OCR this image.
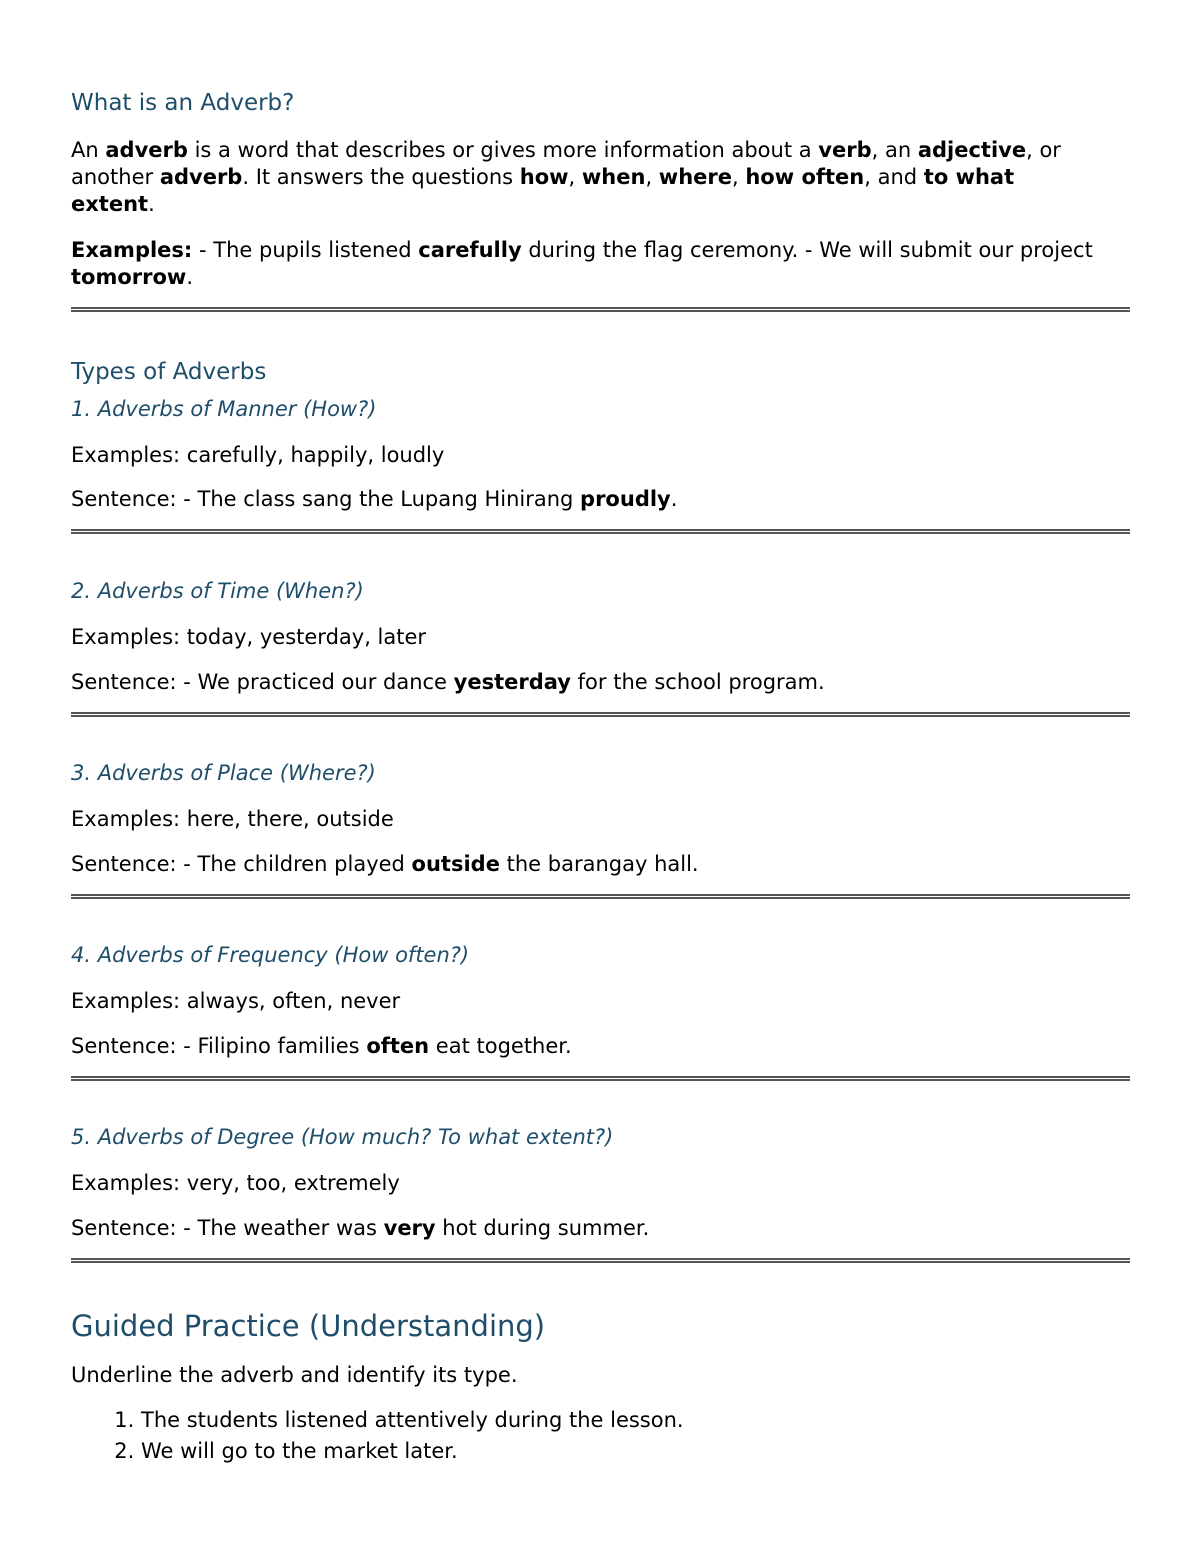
What is an Adverb?

An adverb is a word that describes or gives more information about a verb, an adjective, or another adverb. It answers the questions how, when, where, how often, and to what extent.

Examples: - The pupils listened carefully during the flag ceremony. - We will submit our project tomorrow.

Types of Adverbs
1. Adverbs of Manner (How?)

Examples: carefully, happily, loudly

Sentence: - The class sang the Lupang Hinirang proudly.

2. Adverbs of Time (When?)

Examples: today, yesterday, later

Sentence: - We practiced our dance yesterday for the school program.

3. Adverbs of Place (Where?)

Examples: here, there, outside

Sentence: - The children played outside the barangay hall.

4. Adverbs of Frequency (How often?)

Examples: always, often, never

Sentence: - Filipino families often eat together.

5. Adverbs of Degree (How much? To what extent?)

Examples: very, too, extremely

Sentence: - The weather was very hot during summer.

Guided Practice (Understanding)

Underline the adverb and identify its type.

1. The students listened attentively during the lesson.
2. We will go to the market later.
